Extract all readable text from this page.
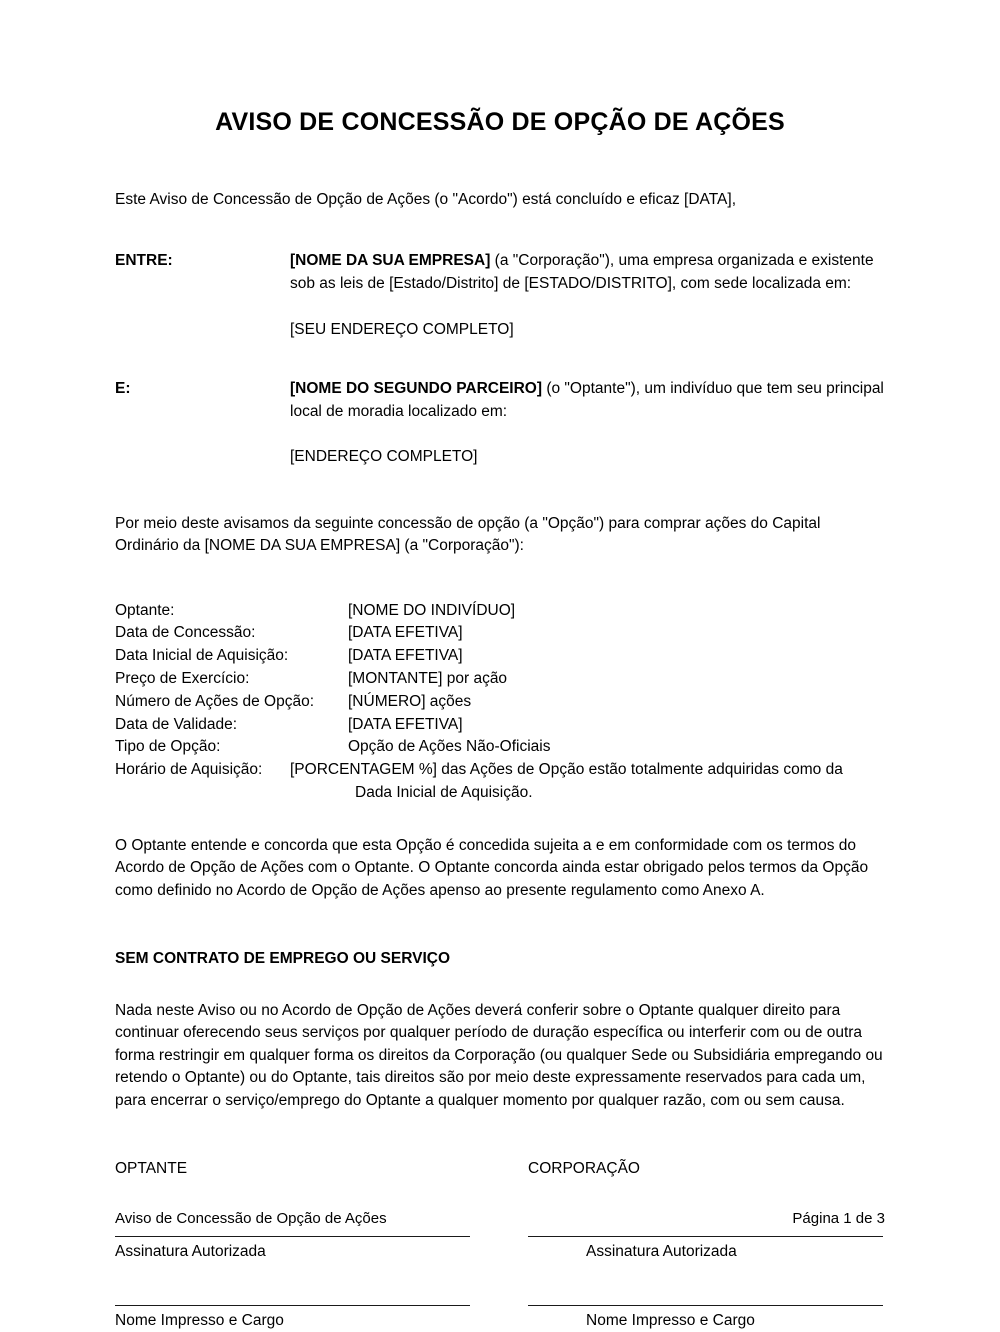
AVISO DE CONCESSÃO DE OPÇÃO DE AÇÕES

Este Aviso de Concessão de Opção de Ações (o "Acordo") está concluído e eficaz [DATA],

ENTRE:	[NOME DA SUA EMPRESA] (a "Corporação"), uma empresa organizada e existente sob as leis de [Estado/Distrito] de [ESTADO/DISTRITO], com sede localizada em:
[SEU ENDEREÇO COMPLETO]
E:	[NOME DO SEGUNDO PARCEIRO] (o "Optante"), um indivíduo que tem seu principal local de moradia localizado em:
[ENDEREÇO COMPLETO]

Por meio deste avisamos da seguinte concessão de opção (a "Opção") para comprar ações do Capital Ordinário da [NOME DA SUA EMPRESA] (a "Corporação"):

Optante:	[NOME DO INDIVÍDUO]
Data de Concessão:	[DATA EFETIVA]
Data Inicial de Aquisição:	[DATA EFETIVA]
Preço de Exercício:	[MONTANTE] por ação
Número de Ações de Opção:	[NÚMERO] ações
Data de Validade:	[DATA EFETIVA]
Tipo de Opção:	Opção de Ações Não-Oficiais
Horário de Aquisição:	[PORCENTAGEM %] das Ações de Opção estão totalmente adquiridas como da
Dada Inicial de Aquisição.

O Optante entende e concorda que esta Opção é concedida sujeita a e em conformidade com os termos do Acordo de Opção de Ações com o Optante. O Optante concorda ainda estar obrigado pelos termos da Opção como definido no Acordo de Opção de Ações apenso ao presente regulamento como Anexo A.

SEM CONTRATO DE EMPREGO OU SERVIÇO

Nada neste Aviso ou no Acordo de Opção de Ações deverá conferir sobre o Optante qualquer direito para continuar oferecendo seus serviços por qualquer período de duração específica ou interferir com ou de outra forma restringir em qualquer forma os direitos da Corporação (ou qualquer Sede ou Subsidiária empregando ou retendo o Optante) ou do Optante, tais direitos são por meio deste expressamente reservados para cada um, para encerrar o serviço/emprego do Optante a qualquer momento por qualquer razão, com ou sem causa.

OPTANTE
Assinatura Autorizada
Nome Impresso e Cargo
CORPORAÇÃO
Assinatura Autorizada
Nome Impresso e Cargo
Aviso de Concessão de Opção de Ações	Página 1 de 3
